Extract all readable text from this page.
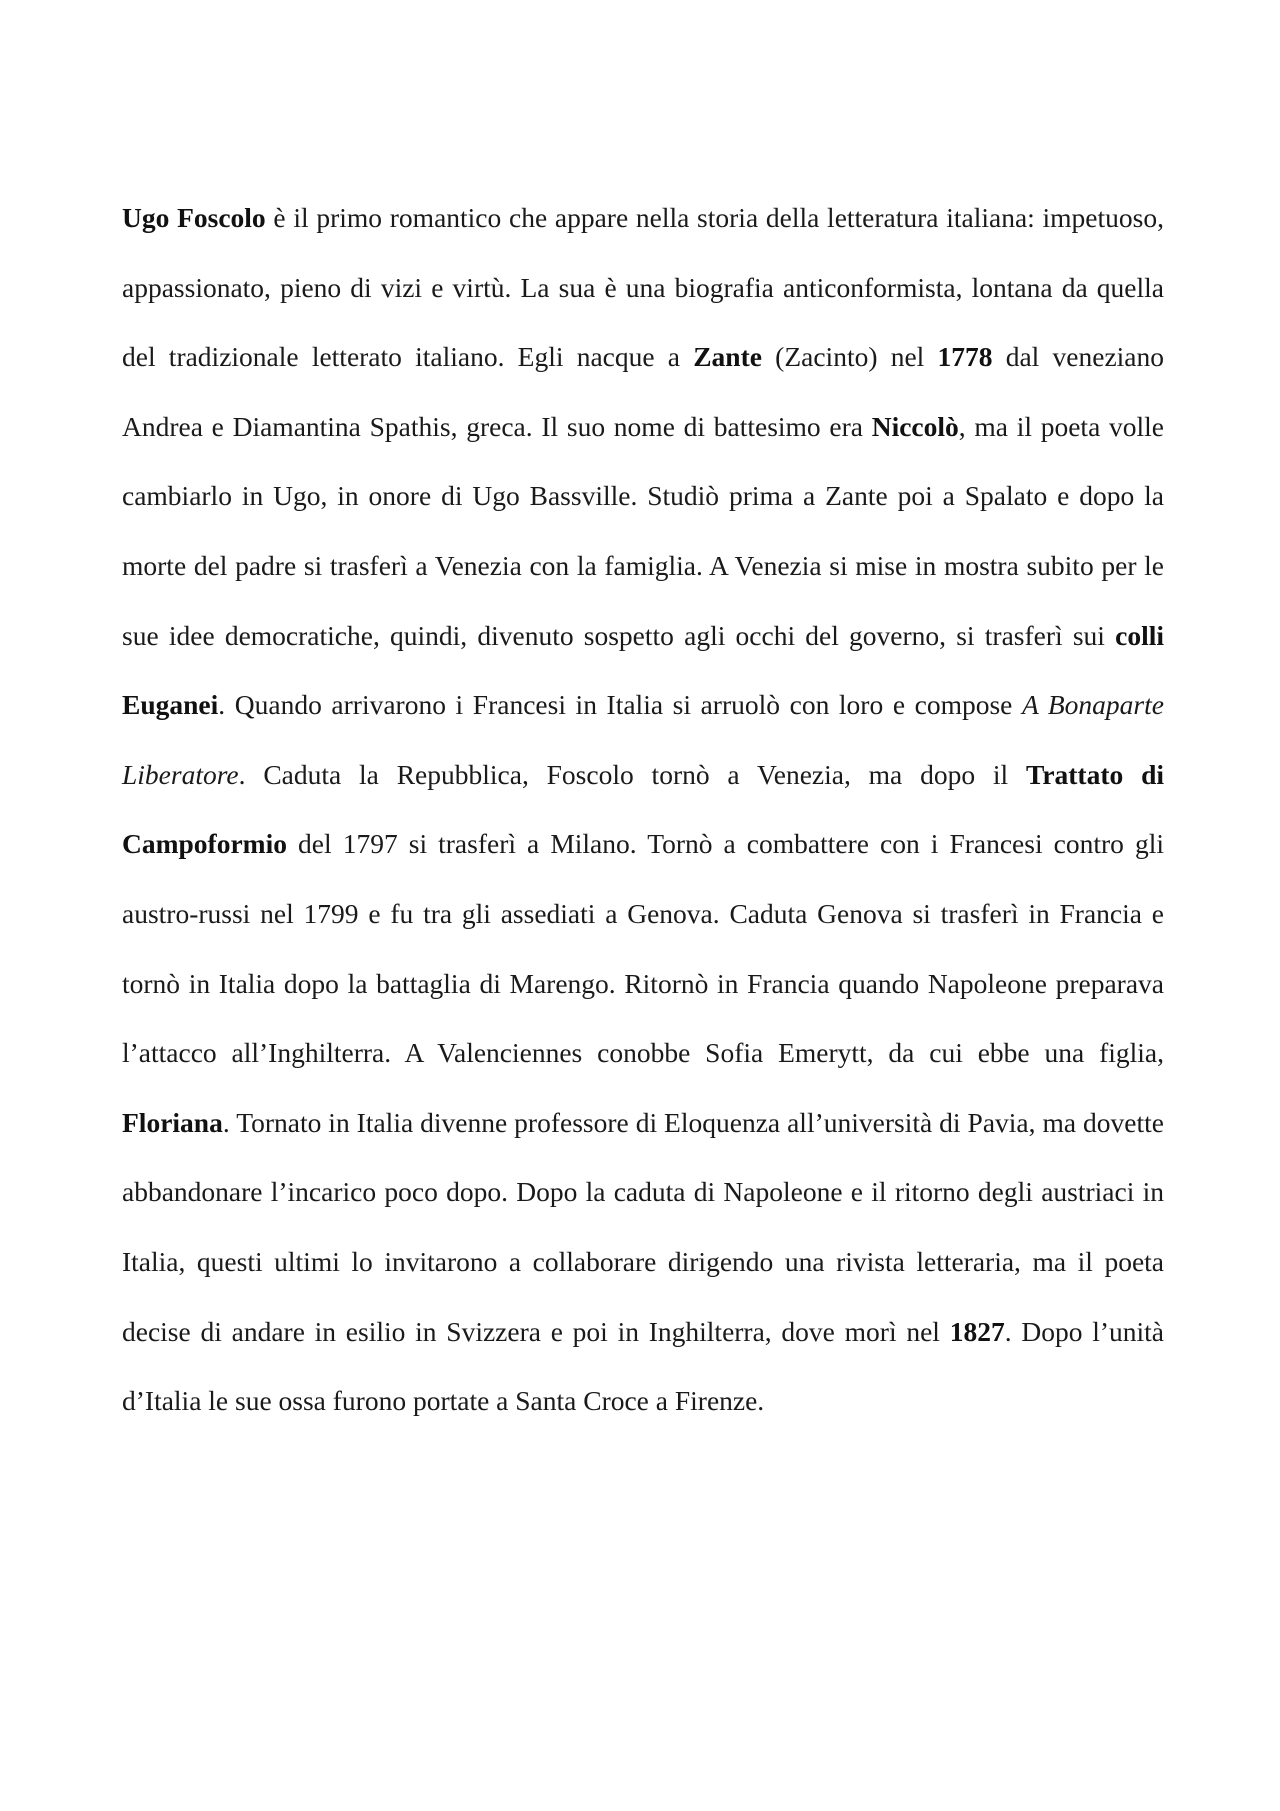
Ugo Foscolo è il primo romantico che appare nella storia della letteratura italiana: impetuoso, appassionato, pieno di vizi e virtù. La sua è una biografia anticonformista, lontana da quella del tradizionale letterato italiano. Egli nacque a Zante (Zacinto) nel 1778 dal veneziano Andrea e Diamantina Spathis, greca. Il suo nome di battesimo era Niccolò, ma il poeta volle cambiarlo in Ugo, in onore di Ugo Bassville. Studiò prima a Zante poi a Spalato e dopo la morte del padre si trasferì a Venezia con la famiglia. A Venezia si mise in mostra subito per le sue idee democratiche, quindi, divenuto sospetto agli occhi del governo, si trasferì sui colli Euganei. Quando arrivarono i Francesi in Italia si arruolò con loro e compose A Bonaparte Liberatore. Caduta la Repubblica, Foscolo tornò a Venezia, ma dopo il Trattato di Campoformio del 1797 si trasferì a Milano. Tornò a combattere con i Francesi contro gli austro-russi nel 1799 e fu tra gli assediati a Genova. Caduta Genova si trasferì in Francia e tornò in Italia dopo la battaglia di Marengo. Ritornò in Francia quando Napoleone preparava l’attacco all’Inghilterra. A Valenciennes conobbe Sofia Emerytt, da cui ebbe una figlia, Floriana. Tornato in Italia divenne professore di Eloquenza all’università di Pavia, ma dovette abbandonare l’incarico poco dopo. Dopo la caduta di Napoleone e il ritorno degli austriaci in Italia, questi ultimi lo invitarono a collaborare dirigendo una rivista letteraria, ma il poeta decise di andare in esilio in Svizzera e poi in Inghilterra, dove morì nel 1827. Dopo l’unità d’Italia le sue ossa furono portate a Santa Croce a Firenze.
